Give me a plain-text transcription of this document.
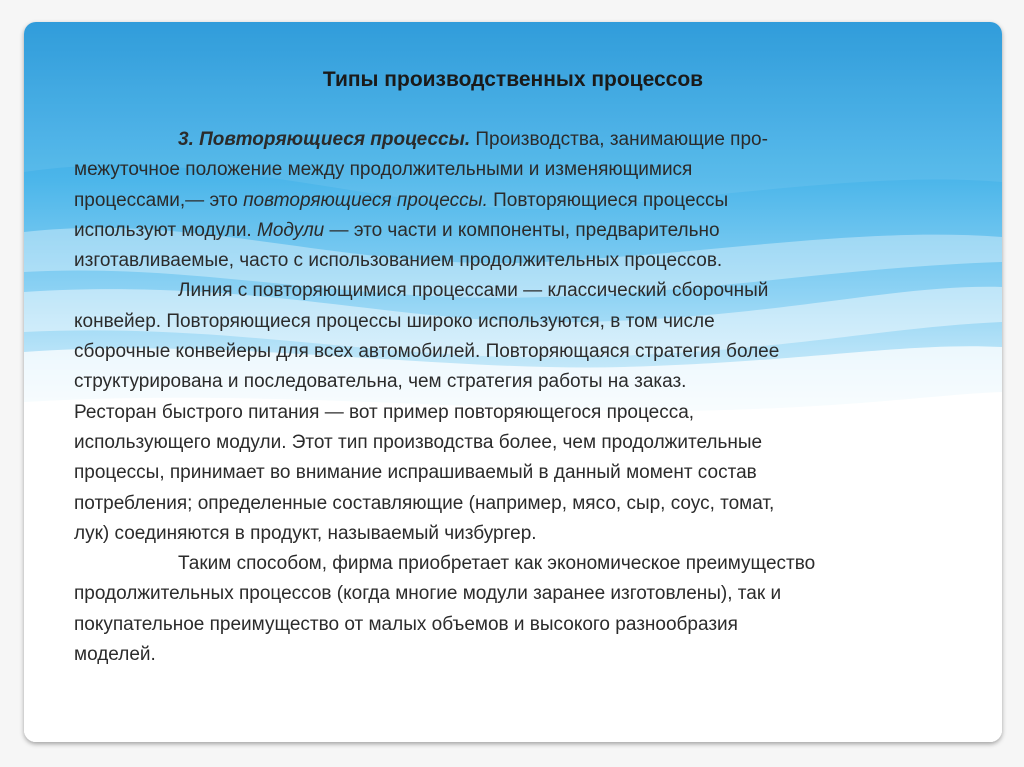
Типы производственных процессов
3. Повторяющиеся процессы. Производства, занимающие про-
межуточное положение между продолжительными и изменяющимися
процессами,— это повторяющиеся процессы. Повторяющиеся процессы
используют модули. Модули — это части и компоненты, предварительно
изготавливаемые, часто с использованием продолжительных процессов.
Линия с повторяющимися процессами — классический сборочный
конвейер. Повторяющиеся процессы широко используются, в том числе
сборочные конвейеры для всех автомобилей. Повторяющаяся стратегия более
структурирована и последовательна, чем стратегия работы на заказ.
Ресторан быстрого питания — вот пример повторяющегося процесса,
использующего модули. Этот тип производства более, чем продолжительные
процессы, принимает во внимание испрашиваемый в данный момент состав
потребления; определенные составляющие (например, мясо, сыр, соус, томат,
лук) соединяются в продукт, называемый чизбургер.
Таким способом, фирма приобретает как экономическое преимущество
продолжительных процессов (когда многие модули заранее изготовлены), так и
покупательное преимущество от малых объемов и высокого разнообразия
моделей.
